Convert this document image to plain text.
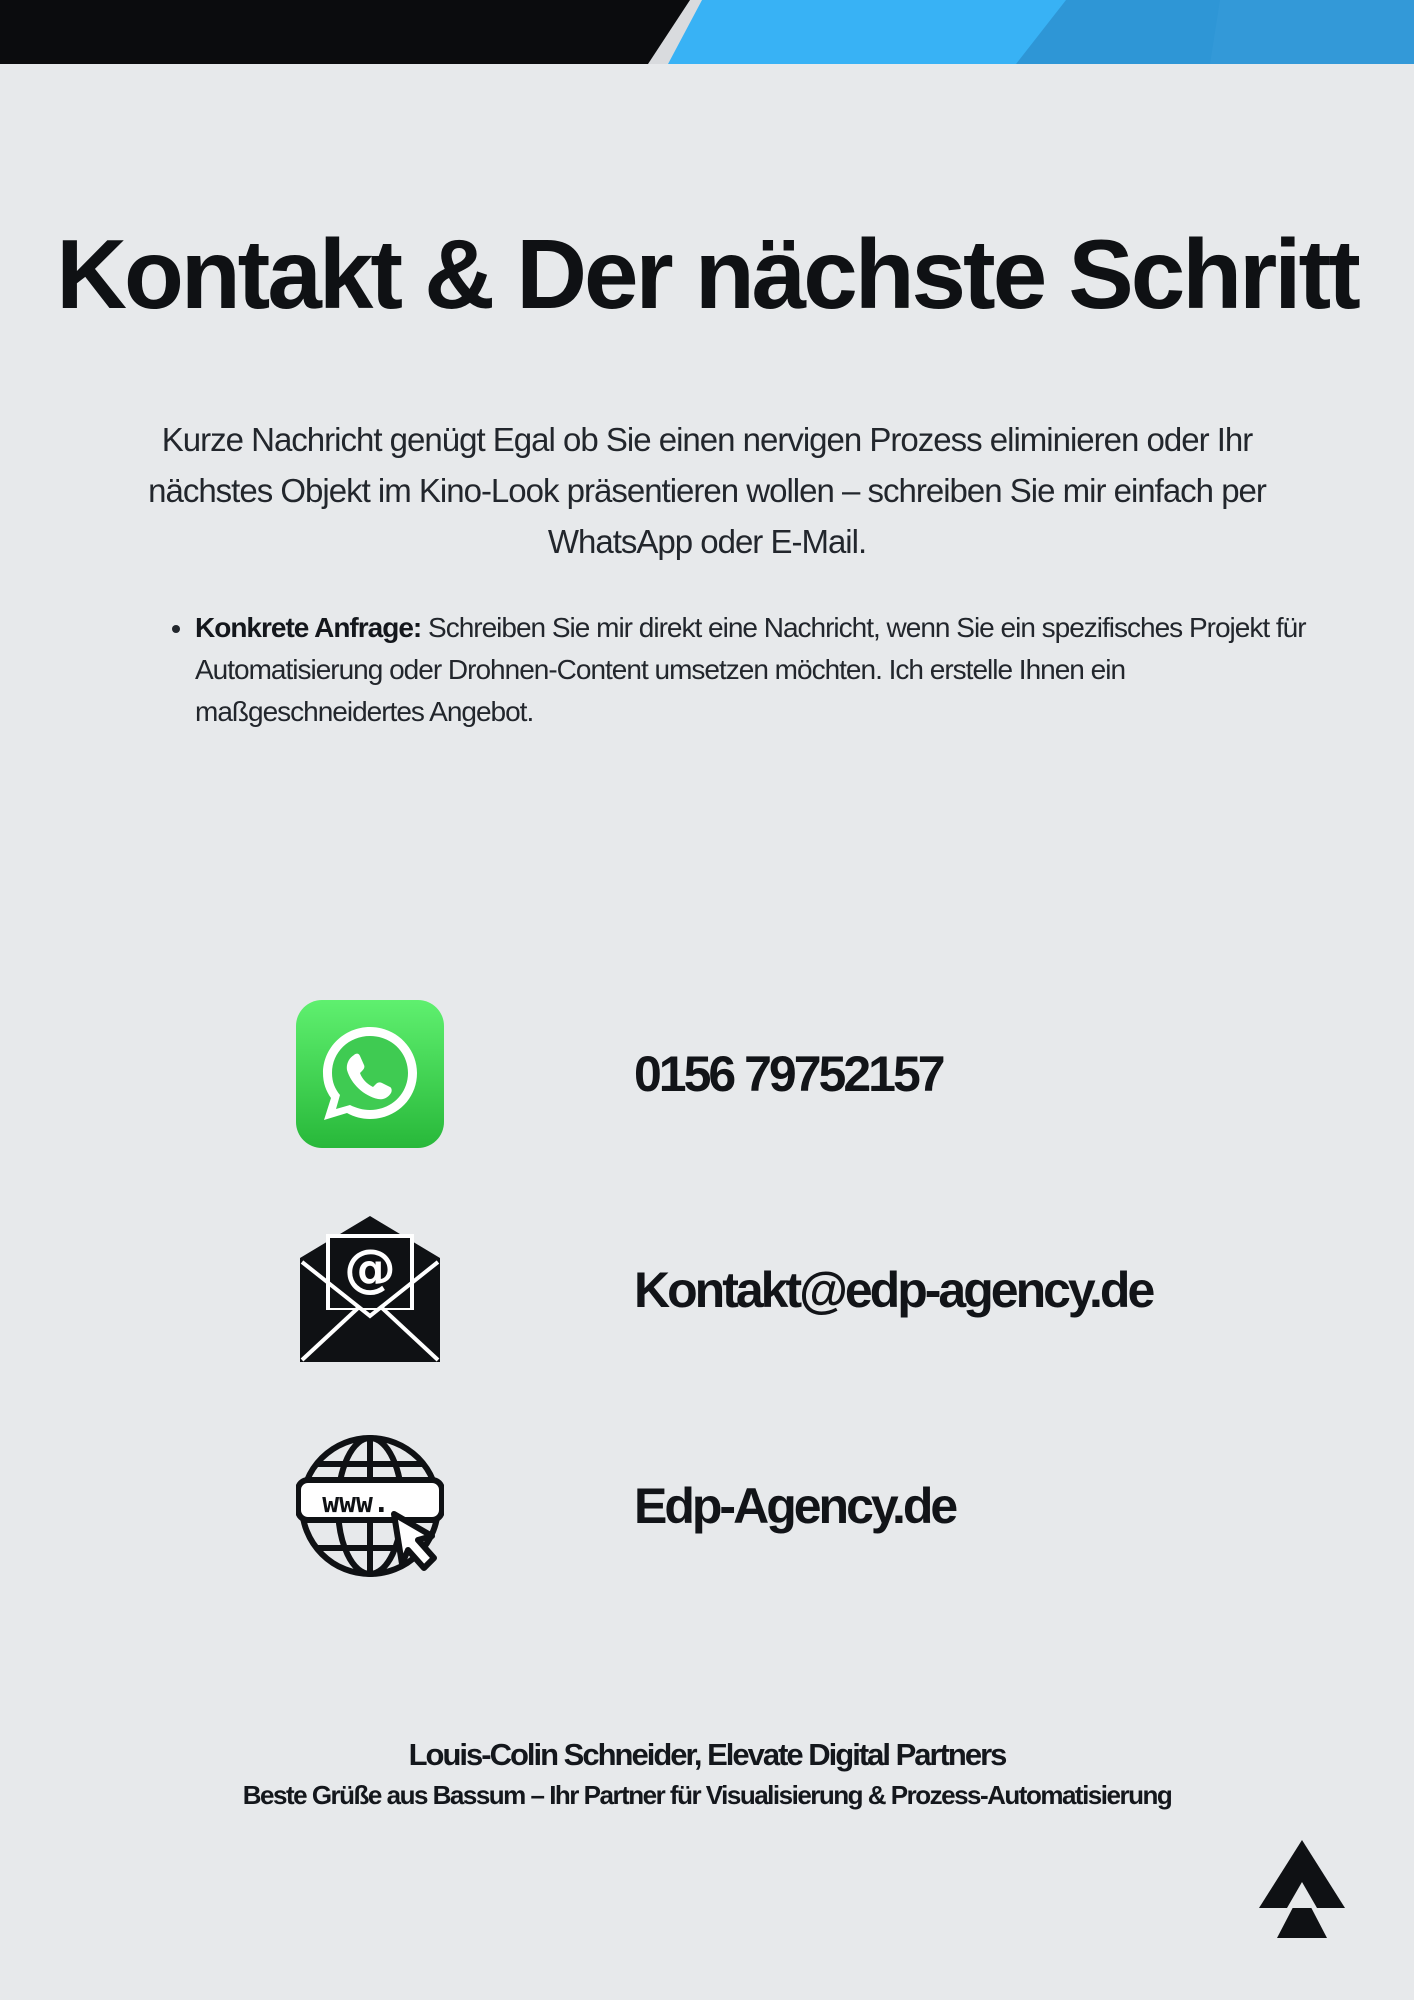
Kontakt & Der nächste Schritt

Kurze Nachricht genügt Egal ob Sie einen nervigen Prozess eliminieren oder Ihr nächstes Objekt im Kino-Look präsentieren wollen – schreiben Sie mir einfach per WhatsApp oder E-Mail.

• Konkrete Anfrage: Schreiben Sie mir direkt eine Nachricht, wenn Sie ein spezifisches Projekt für Automatisierung oder Drohnen-Content umsetzen möchten. Ich erstelle Ihnen ein maßgeschneidertes Angebot.
0156 79752157
@	Kontakt@edp-agency.de
www.	Edp-Agency.de
Louis-Colin Schneider, Elevate Digital Partners
Beste Grüße aus Bassum – Ihr Partner für Visualisierung & Prozess-Automatisierung
